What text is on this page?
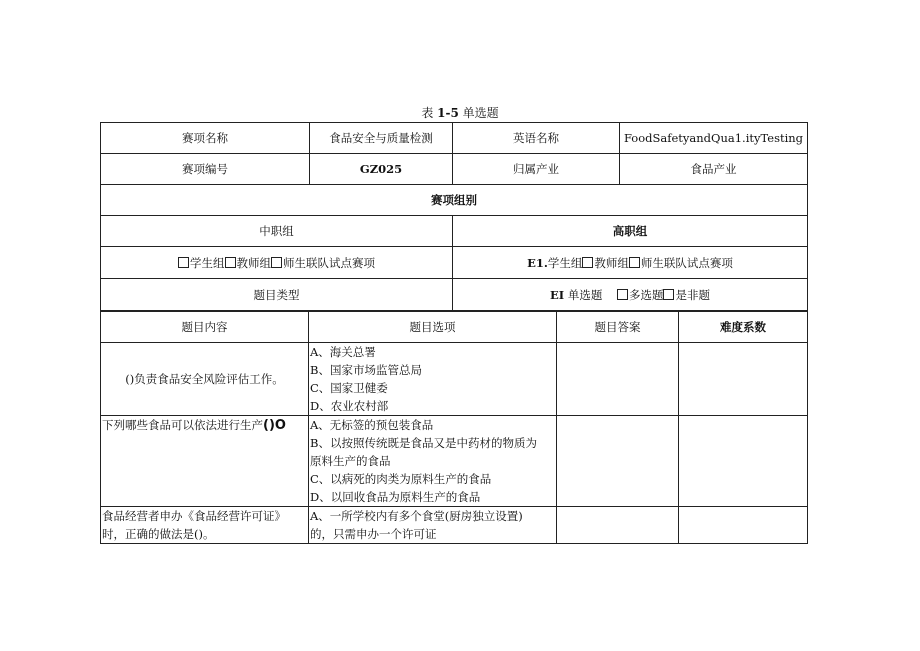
表 1-5 单选题
赛项名称	食品安全与质量检测	英语名称	FoodSafetyandQua1.ityTesting
赛项编号	GZ025	归属产业	食品产业
赛项组别			
中职组		高职组	
学生组 教师组 师生联队试点赛项		E1.学生组 教师组 师生联队试点赛项	
题目类型		EI 单选题 多选题 是非题	
题目内容	题目选项	题目答案	难度系数
()负责食品安全风险评估工作。	A、海关总署
B、国家市场监管总局
C、国家卫健委
D、农业农村部		

下列哪些食品可以依法进行生产()O	A、无标签的预包装食品
B、以按照传统既是食品又是中药材的物质为
原料生产的食品
C、以病死的肉类为原料生产的食品
D、以回收食品为原料生产的食品		

食品经营者申办《食品经营许可证》
时，正确的做法是()。	A、一所学校内有多个食堂(厨房独立设置)
的，只需申办一个许可证		
